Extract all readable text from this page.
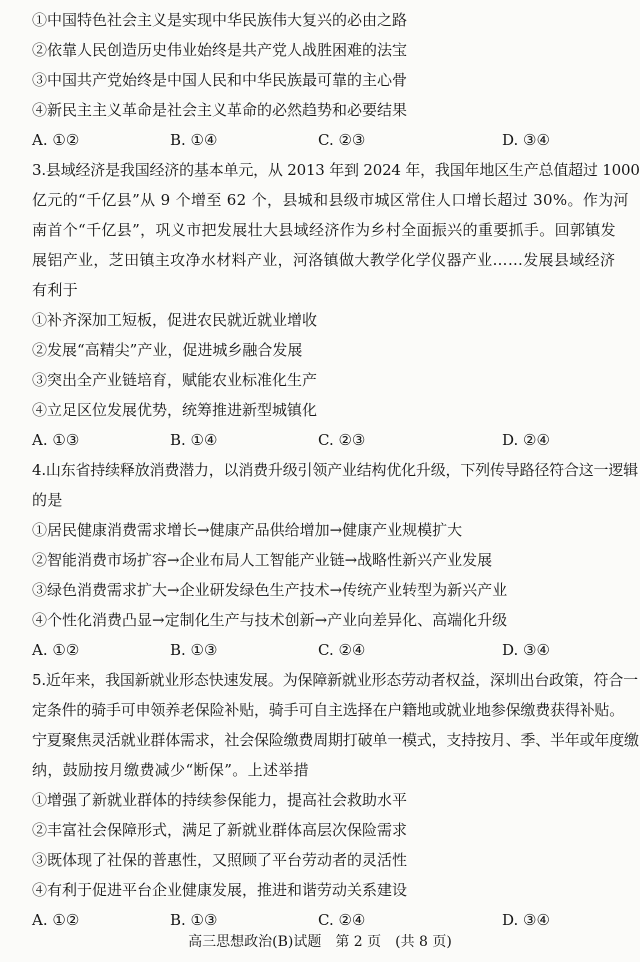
①中国特色社会主义是实现中华民族伟大复兴的必由之路
②依靠人民创造历史伟业始终是共产党人战胜困难的法宝
③中国共产党始终是中国人民和中华民族最可靠的主心骨
④新民主主义革命是社会主义革命的必然趋势和必要结果
A. ①②	B. ①④	C. ②③	D. ③④
3.县域经济是我国经济的基本单元，从 2013 年到 2024 年，我国年地区生产总值超过 1000
亿元的“千亿县”从 9 个增至 62 个，县城和县级市城区常住人口增长超过 30%。作为河
南首个“千亿县”，巩义市把发展壮大县域经济作为乡村全面振兴的重要抓手。回郭镇发
展铝产业，芝田镇主攻净水材料产业，河洛镇做大教学化学仪器产业……发展县域经济
有利于
①补齐深加工短板，促进农民就近就业增收
②发展“高精尖”产业，促进城乡融合发展
③突出全产业链培育，赋能农业标准化生产
④立足区位发展优势，统筹推进新型城镇化
A. ①③	B. ①④	C. ②③	D. ②④
4.山东省持续释放消费潜力，以消费升级引领产业结构优化升级，下列传导路径符合这一逻辑
的是
①居民健康消费需求增长→健康产品供给增加→健康产业规模扩大
②智能消费市场扩容→企业布局人工智能产业链→战略性新兴产业发展
③绿色消费需求扩大→企业研发绿色生产技术→传统产业转型为新兴产业
④个性化消费凸显→定制化生产与技术创新→产业向差异化、高端化升级
A. ①②	B. ①③	C. ②④	D. ③④
5.近年来，我国新就业形态快速发展。为保障新就业形态劳动者权益，深圳出台政策，符合一
定条件的骑手可申领养老保险补贴，骑手可自主选择在户籍地或就业地参保缴费获得补贴。
宁夏聚焦灵活就业群体需求，社会保险缴费周期打破单一模式，支持按月、季、半年或年度缴
纳，鼓励按月缴费减少“断保”。上述举措
①增强了新就业群体的持续参保能力，提高社会救助水平
②丰富社会保障形式，满足了新就业群体高层次保险需求
③既体现了社保的普惠性，又照顾了平台劳动者的灵活性
④有利于促进平台企业健康发展，推进和谐劳动关系建设
A. ①②	B. ①③	C. ②④	D. ③④
高三思想政治(B)试题　第 2 页　(共 8 页)
